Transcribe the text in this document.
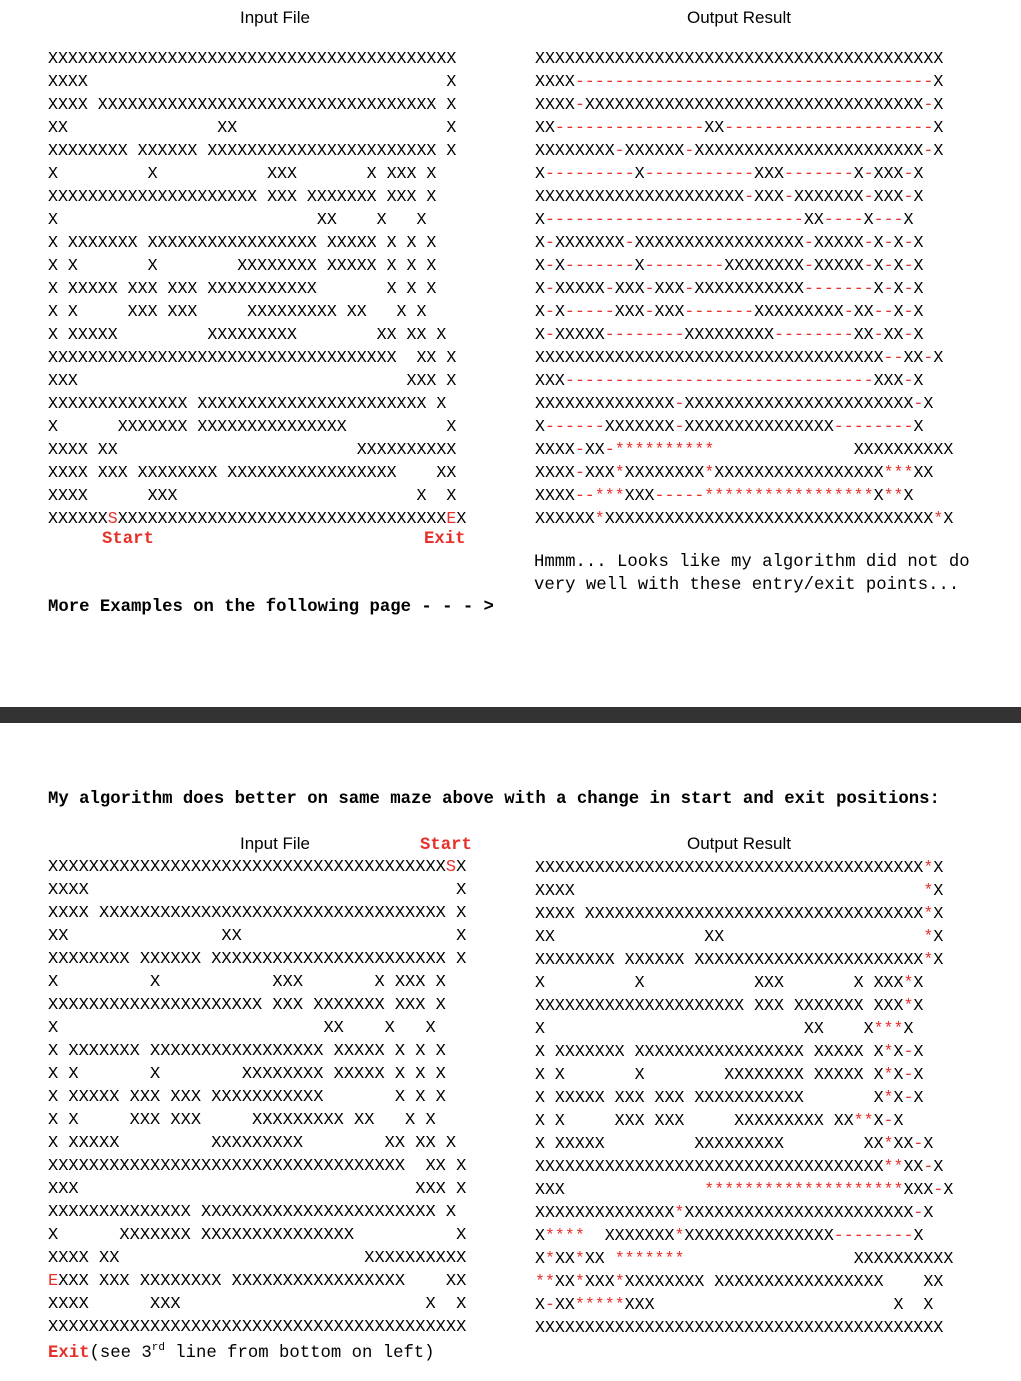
Input File	Output Result
XXXXXXXXXXXXXXXXXXXXXXXXXXXXXXXXXXXXXXXXX
XXXX                                    X
XXXX XXXXXXXXXXXXXXXXXXXXXXXXXXXXXXXXXX X
XX               XX                     X
XXXXXXXX XXXXXX XXXXXXXXXXXXXXXXXXXXXXX X
X         X           XXX       X XXX X
XXXXXXXXXXXXXXXXXXXXX XXX XXXXXXX XXX X
X                          XX    X   X
X XXXXXXX XXXXXXXXXXXXXXXXX XXXXX X X X
X X       X        XXXXXXXX XXXXX X X X
X XXXXX XXX XXX XXXXXXXXXXX       X X X
X X     XXX XXX     XXXXXXXXX XX   X X
X XXXXX         XXXXXXXXX        XX XX X
XXXXXXXXXXXXXXXXXXXXXXXXXXXXXXXXXXX  XX X
XXX                                 XXX X
XXXXXXXXXXXXXX XXXXXXXXXXXXXXXXXXXXXXX X
X      XXXXXXX XXXXXXXXXXXXXXX          X
XXXX XX                        XXXXXXXXXX
XXXX XXX XXXXXXXX XXXXXXXXXXXXXXXXX    XX
XXXX      XXX                        X  X
XXXXXXSXXXXXXXXXXXXXXXXXXXXXXXXXXXXXXXXXEX
XXXXXXXXXXXXXXXXXXXXXXXXXXXXXXXXXXXXXXXXX
XXXX------------------------------------X
XXXX-XXXXXXXXXXXXXXXXXXXXXXXXXXXXXXXXXX-X
XX---------------XX---------------------X
XXXXXXXX-XXXXXX-XXXXXXXXXXXXXXXXXXXXXXX-X
X---------X-----------XXX-------X-XXX-X
XXXXXXXXXXXXXXXXXXXXX-XXX-XXXXXXX-XXX-X
X--------------------------XX----X---X
X-XXXXXXX-XXXXXXXXXXXXXXXXX-XXXXX-X-X-X
X-X-------X--------XXXXXXXX-XXXXX-X-X-X
X-XXXXX-XXX-XXX-XXXXXXXXXXX-------X-X-X
X-X-----XXX-XXX-------XXXXXXXXX-XX--X-X
X-XXXXX--------XXXXXXXXX--------XX-XX-X
XXXXXXXXXXXXXXXXXXXXXXXXXXXXXXXXXXX--XX-X
XXX-------------------------------XXX-X
XXXXXXXXXXXXXX-XXXXXXXXXXXXXXXXXXXXXXX-X
X------XXXXXXX-XXXXXXXXXXXXXXX--------X
XXXX-XX-**********              XXXXXXXXXX
XXXX-XXX*XXXXXXXX*XXXXXXXXXXXXXXXXX***XX
XXXX--***XXX-----*****************X**X
XXXXXX*XXXXXXXXXXXXXXXXXXXXXXXXXXXXXXXXX*X
Start	Exit
Hmmm... Looks like my algorithm did not do
very well with these entry/exit points...
More Examples on the following page - - - >
My algorithm does better on same maze above with a change in start and exit positions:
Input File	Start	Output Result
XXXXXXXXXXXXXXXXXXXXXXXXXXXXXXXXXXXXXXXSX
XXXX                                    X
XXXX XXXXXXXXXXXXXXXXXXXXXXXXXXXXXXXXXX X
XX               XX                     X
XXXXXXXX XXXXXX XXXXXXXXXXXXXXXXXXXXXXX X
X         X           XXX       X XXX X
XXXXXXXXXXXXXXXXXXXXX XXX XXXXXXX XXX X
X                          XX    X   X
X XXXXXXX XXXXXXXXXXXXXXXXX XXXXX X X X
X X       X        XXXXXXXX XXXXX X X X
X XXXXX XXX XXX XXXXXXXXXXX       X X X
X X     XXX XXX     XXXXXXXXX XX   X X
X XXXXX         XXXXXXXXX        XX XX X
XXXXXXXXXXXXXXXXXXXXXXXXXXXXXXXXXXX  XX X
XXX                                 XXX X
XXXXXXXXXXXXXX XXXXXXXXXXXXXXXXXXXXXXX X
X      XXXXXXX XXXXXXXXXXXXXXX          X
XXXX XX                        XXXXXXXXXX
EXXX XXX XXXXXXXX XXXXXXXXXXXXXXXXX    XX
XXXX      XXX                        X  X
XXXXXXXXXXXXXXXXXXXXXXXXXXXXXXXXXXXXXXXXX
XXXXXXXXXXXXXXXXXXXXXXXXXXXXXXXXXXXXXXX*X
XXXX                                   *X
XXXX XXXXXXXXXXXXXXXXXXXXXXXXXXXXXXXXXX*X
XX               XX                    *X
XXXXXXXX XXXXXX XXXXXXXXXXXXXXXXXXXXXXX*X
X         X           XXX       X XXX*X
XXXXXXXXXXXXXXXXXXXXX XXX XXXXXXX XXX*X
X                          XX    X***X
X XXXXXXX XXXXXXXXXXXXXXXXX XXXXX X*X-X
X X       X        XXXXXXXX XXXXX X*X-X
X XXXXX XXX XXX XXXXXXXXXXX       X*X-X
X X     XXX XXX     XXXXXXXXX XX**X-X
X XXXXX         XXXXXXXXX        XX*XX-X
XXXXXXXXXXXXXXXXXXXXXXXXXXXXXXXXXXX**XX-X
XXX              ********************XXX-X
XXXXXXXXXXXXXX*XXXXXXXXXXXXXXXXXXXXXXX-X
X****  XXXXXXX*XXXXXXXXXXXXXXX--------X
X*XX*XX *******                 XXXXXXXXXX
**XX*XXX*XXXXXXXX XXXXXXXXXXXXXXXXX    XX
X-XX*****XXX                        X  X
XXXXXXXXXXXXXXXXXXXXXXXXXXXXXXXXXXXXXXXXX
Exit(see 3rd line from bottom on left)
